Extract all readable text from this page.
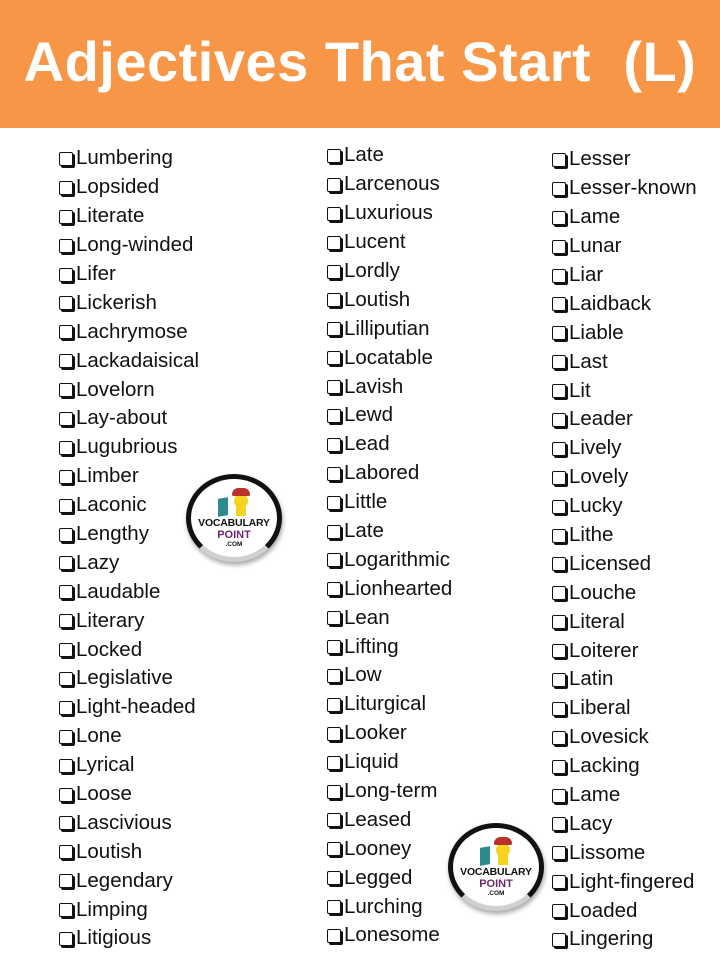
Adjectives That Start  (L)
Lumbering
Lopsided
Literate
Long-winded
Lifer
Lickerish
Lachrymose
Lackadaisical
Lovelorn
Lay-about
Lugubrious
Limber
Laconic
Lengthy
Lazy
Laudable
Literary
Locked
Legislative
Light-headed
Lone
Lyrical
Loose
Lascivious
Loutish
Legendary
Limping
Litigious
Late
Larcenous
Luxurious
Lucent
Lordly
Loutish
Lilliputian
Locatable
Lavish
Lewd
Lead
Labored
Little
Late
Logarithmic
Lionhearted
Lean
Lifting
Low
Liturgical
Looker
Liquid
Long-term
Leased
Looney
Legged
Lurching
Lonesome
Lesser
Lesser-known
Lame
Lunar
Liar
Laidback
Liable
Last
Lit
Leader
Lively
Lovely
Lucky
Lithe
Licensed
Louche
Literal
Loiterer
Latin
Liberal
Lovesick
Lacking
Lame
Lacy
Lissome
Light-fingered
Loaded
Lingering
VOCABULARY
POINT
.COM
VOCABULARY
POINT
.COM
